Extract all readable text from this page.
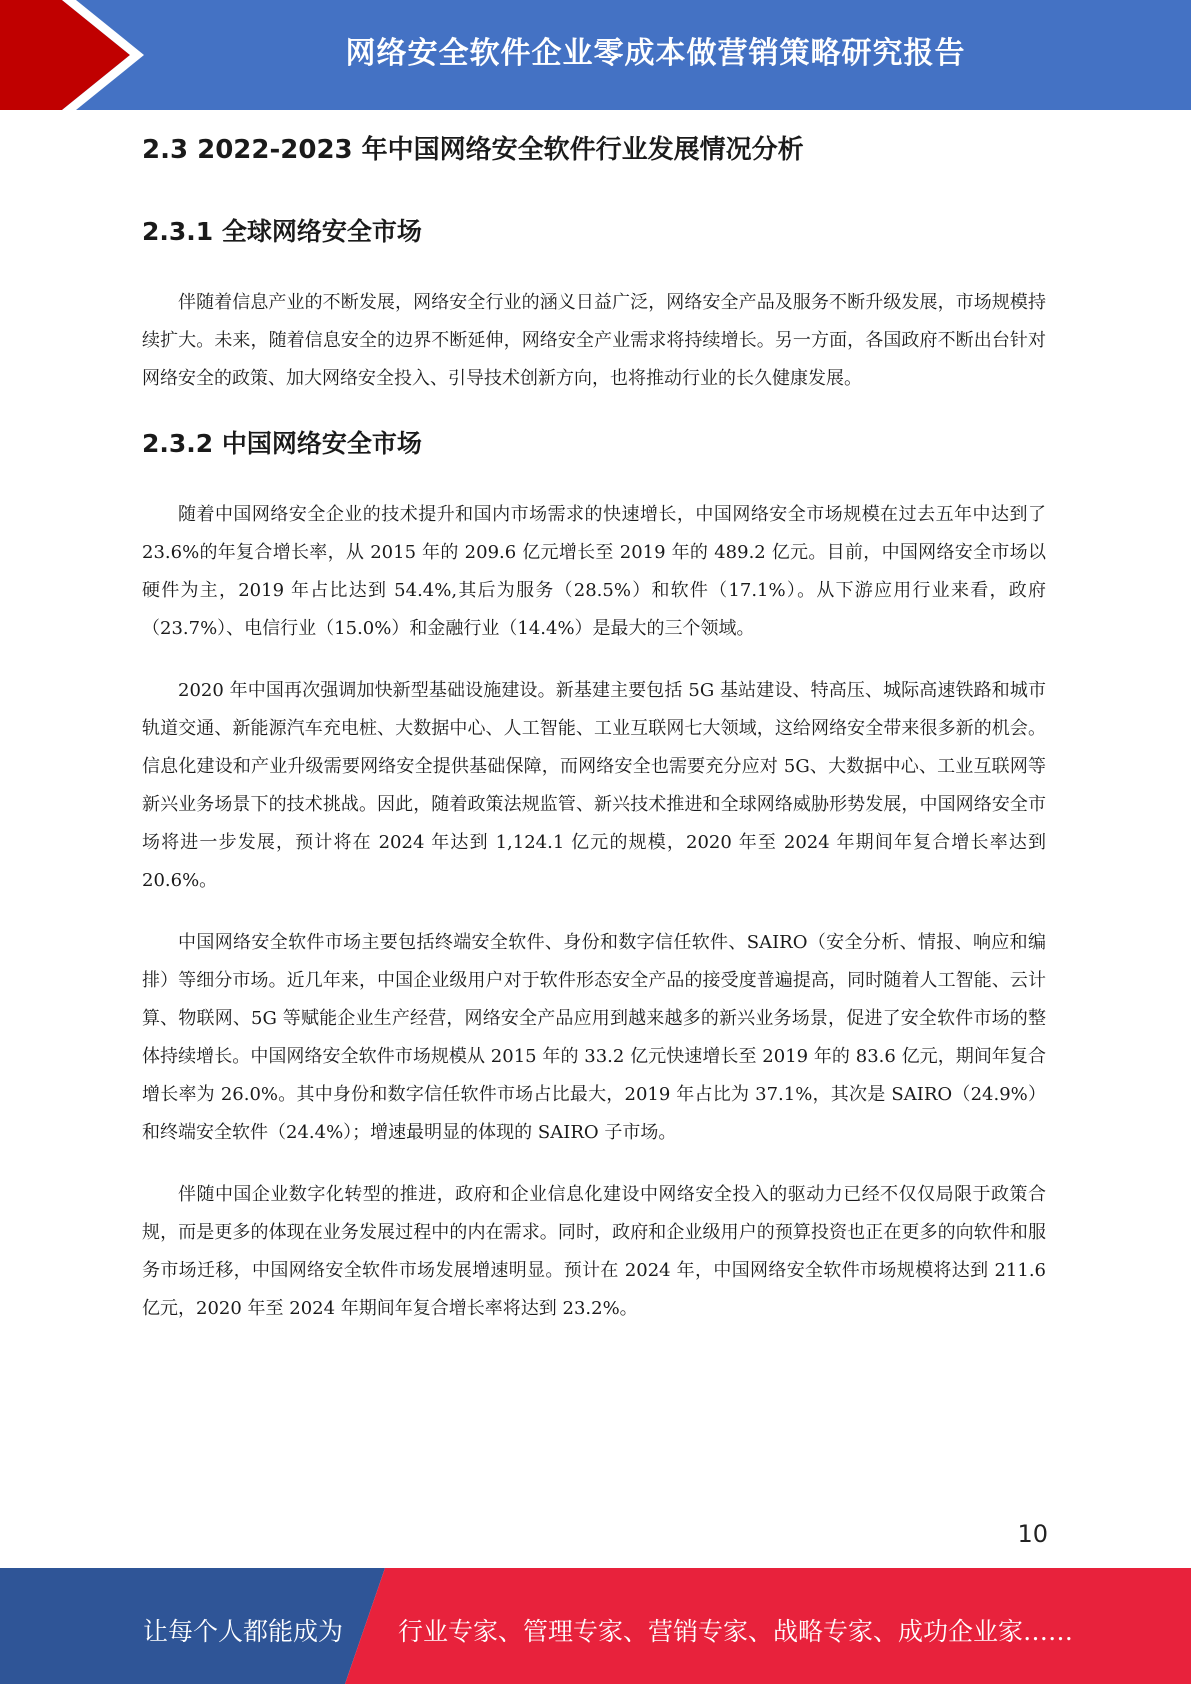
网络安全软件企业零成本做营销策略研究报告
2.3 2022-2023 年中国网络安全软件行业发展情况分析
2.3.1 全球网络安全市场

伴随着信息产业的不断发展，网络安全行业的涵义日益广泛，网络安全产品及服务不断升级发展，市场规模持续扩大。未来，随着信息安全的边界不断延伸，网络安全产业需求将持续增长。另一方面，各国政府不断出台针对网络安全的政策、加大网络安全投入、引导技术创新方向，也将推动行业的长久健康发展。

2.3.2 中国网络安全市场

随着中国网络安全企业的技术提升和国内市场需求的快速增长，中国网络安全市场规模在过去五年中达到了 23.6%的年复合增长率，从 2015 年的 209.6 亿元增长至 2019 年的 489.2 亿元。目前，中国网络安全市场以硬件为主，2019 年占比达到 54.4%,其后为服务（28.5%）和软件（17.1%）。从下游应用行业来看，政府（23.7%）、电信行业（15.0%）和金融行业（14.4%）是最大的三个领域。

2020 年中国再次强调加快新型基础设施建设。新基建主要包括 5G 基站建设、特高压、城际高速铁路和城市轨道交通、新能源汽车充电桩、大数据中心、人工智能、工业互联网七大领域，这给网络安全带来很多新的机会。信息化建设和产业升级需要网络安全提供基础保障，而网络安全也需要充分应对 5G、大数据中心、工业互联网等新兴业务场景下的技术挑战。因此，随着政策法规监管、新兴技术推进和全球网络威胁形势发展，中国网络安全市场将进一步发展，预计将在 2024 年达到 1,124.1 亿元的规模，2020 年至 2024 年期间年复合增长率达到 20.6%。

中国网络安全软件市场主要包括终端安全软件、身份和数字信任软件、SAIRO（安全分析、情报、响应和编排）等细分市场。近几年来，中国企业级用户对于软件形态安全产品的接受度普遍提高，同时随着人工智能、云计算、物联网、5G 等赋能企业生产经营，网络安全产品应用到越来越多的新兴业务场景，促进了安全软件市场的整体持续增长。中国网络安全软件市场规模从 2015 年的 33.2 亿元快速增长至 2019 年的 83.6 亿元，期间年复合增长率为 26.0%。其中身份和数字信任软件市场占比最大，2019 年占比为 37.1%，其次是 SAIRO（24.9%）和终端安全软件（24.4%）；增速最明显的体现的 SAIRO 子市场。

伴随中国企业数字化转型的推进，政府和企业信息化建设中网络安全投入的驱动力已经不仅仅局限于政策合规，而是更多的体现在业务发展过程中的内在需求。同时，政府和企业级用户的预算投资也正在更多的向软件和服务市场迁移，中国网络安全软件市场发展增速明显。预计在 2024 年，中国网络安全软件市场规模将达到 211.6 亿元，2020 年至 2024 年期间年复合增长率将达到 23.2%。

10
让每个人都能成为 行业专家、管理专家、营销专家、战略专家、成功企业家……
